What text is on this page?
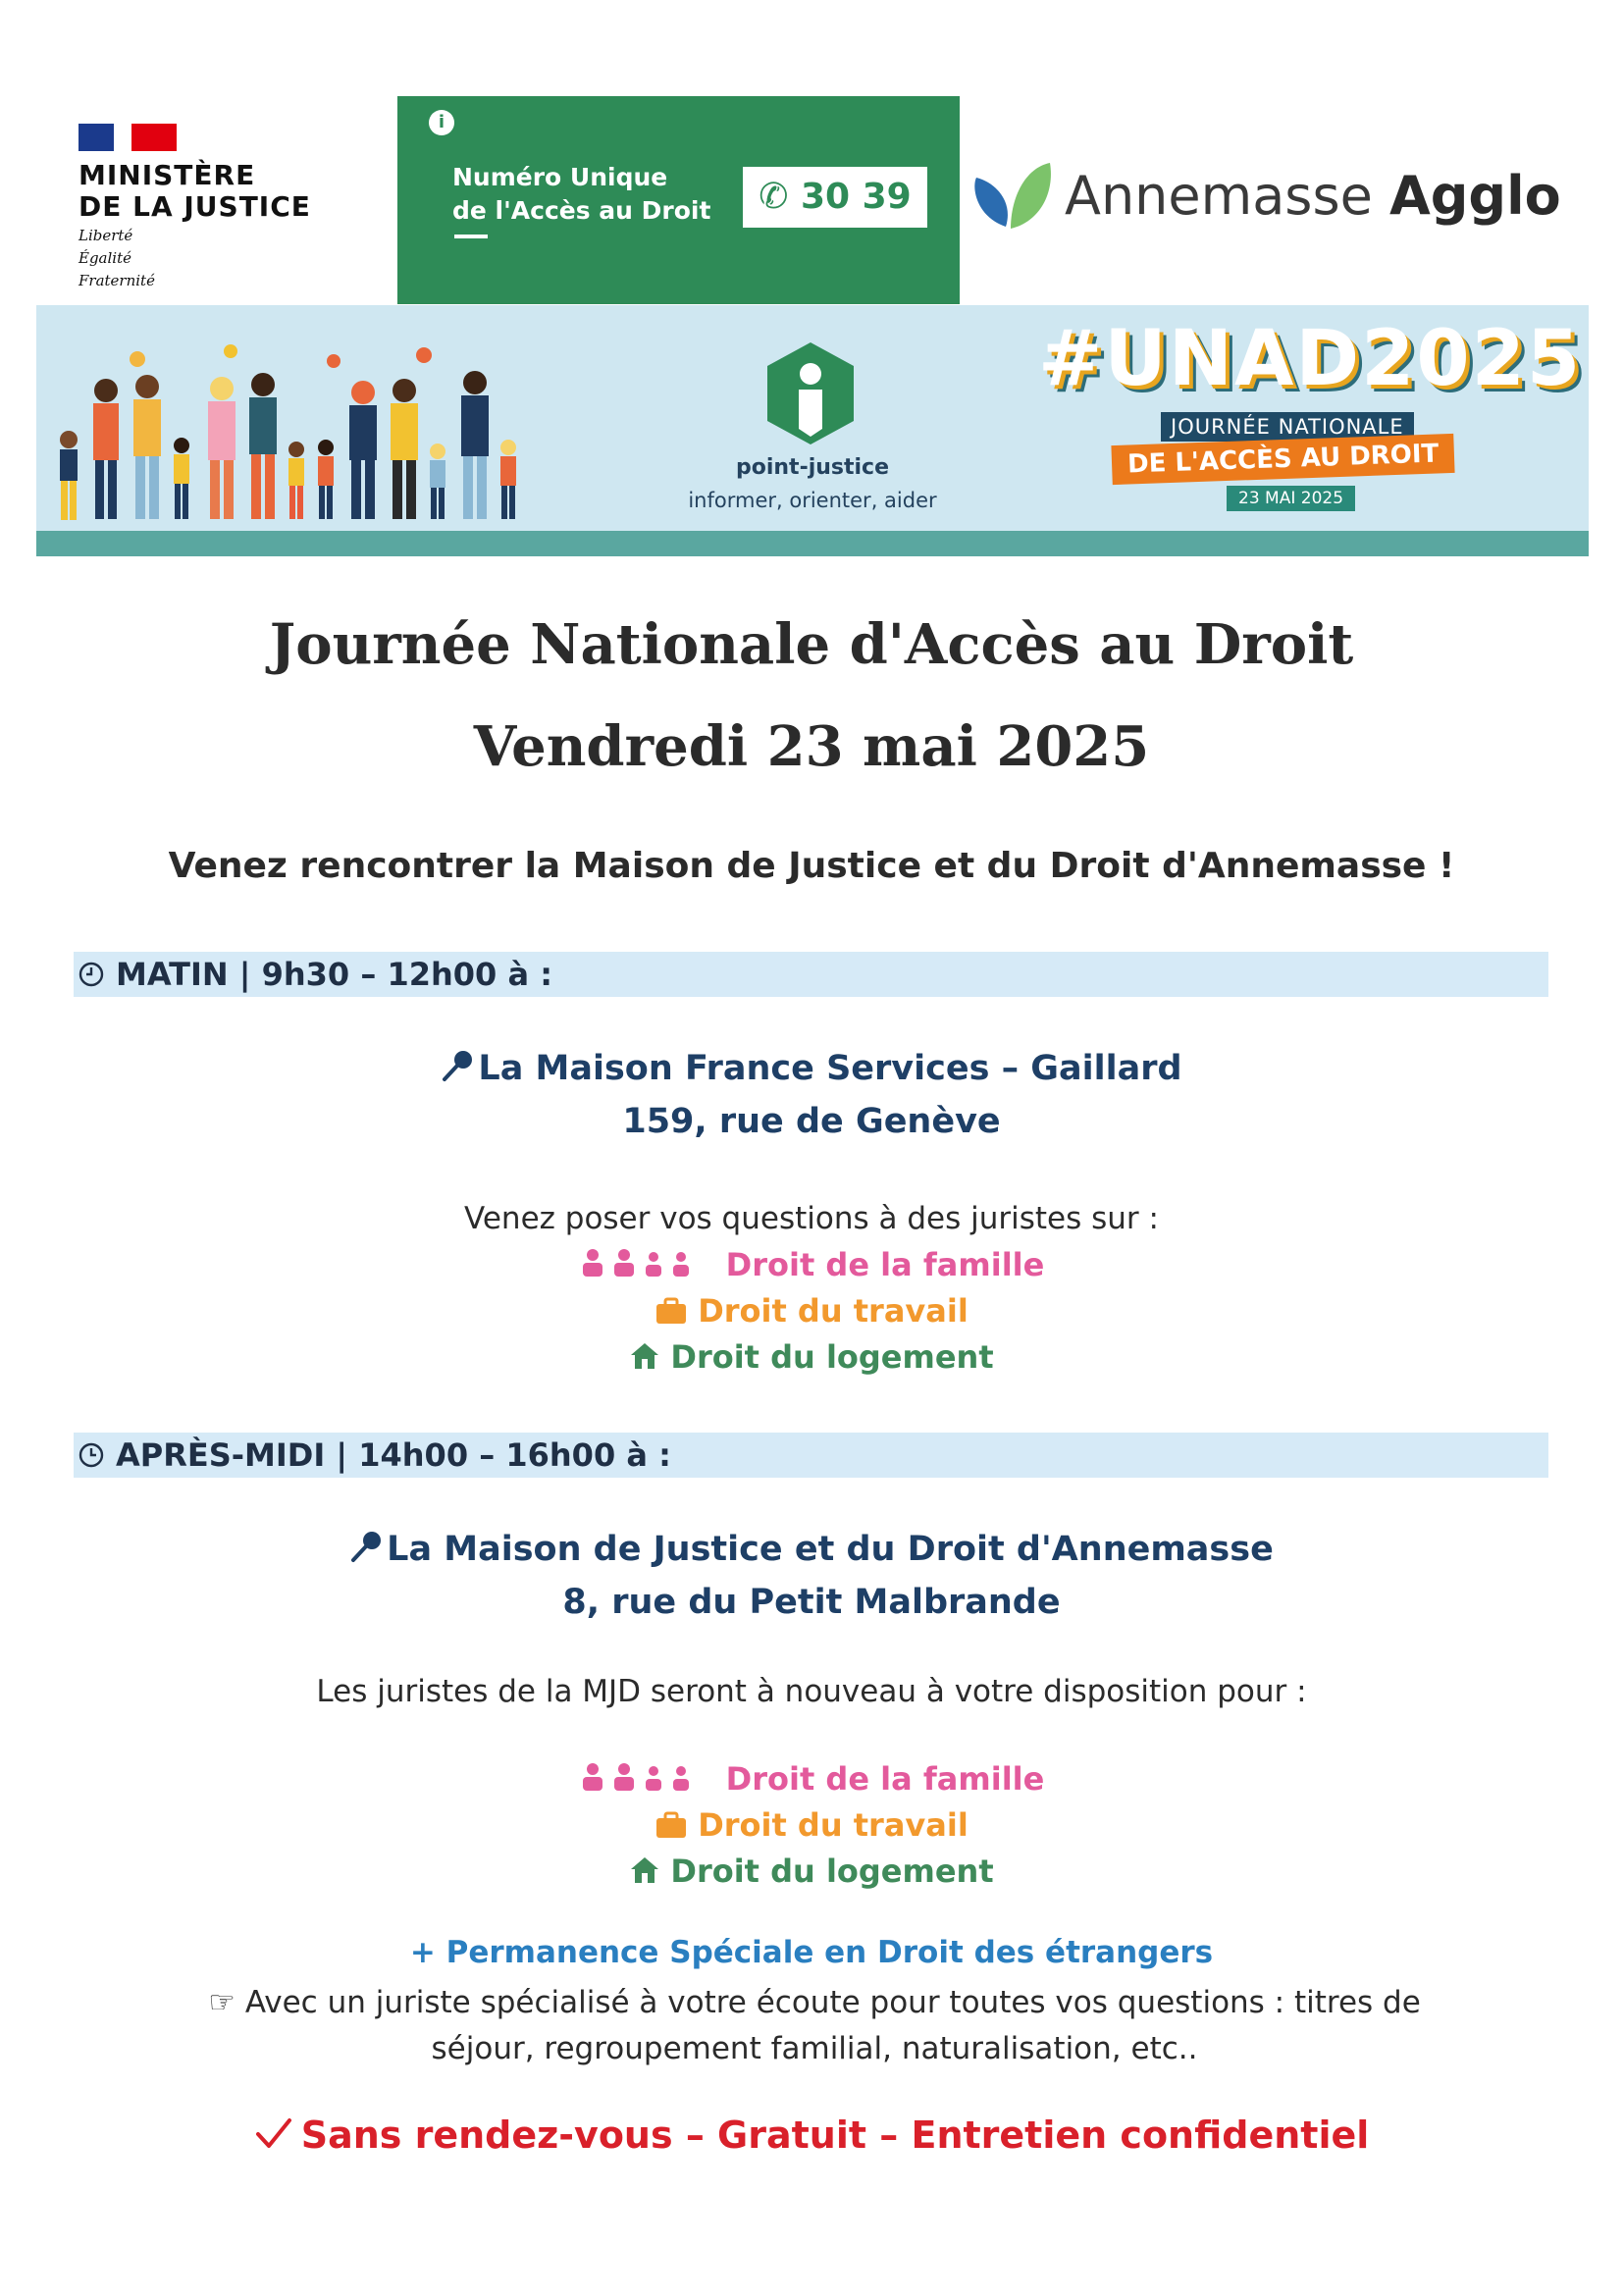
MINISTÈRE
DE LA JUSTICE
Liberté
Égalité
Fraternité
i
Numéro Unique
de l'Accès au Droit	✆ 30 39	Annemasse Agglo
point-justice
informer, orienter, aider
#UNAD2025
JOURNÉE NATIONALE
DE L'ACCÈS AU DROIT
23 MAI 2025
Journée Nationale d'Accès au Droit
Vendredi 23 mai 2025
Venez rencontrer la Maison de Justice et du Droit d'Annemasse !
MATIN | 9h30 – 12h00 à :
La Maison France Services – Gaillard
159, rue de Genève
Venez poser vos questions à des juristes sur :
Droit de la famille
Droit du travail
Droit du logement
APRÈS-MIDI | 14h00 – 16h00 à :
La Maison de Justice et du Droit d'Annemasse
8, rue du Petit Malbrande
Les juristes de la MJD seront à nouveau à votre disposition pour :
Droit de la famille
Droit du travail
Droit du logement
+ Permanence Spéciale en Droit des étrangers
☞ Avec un juriste spécialisé à votre écoute pour toutes vos questions : titres de séjour, regroupement familial, naturalisation, etc..
Sans rendez-vous – Gratuit – Entretien confidentiel
